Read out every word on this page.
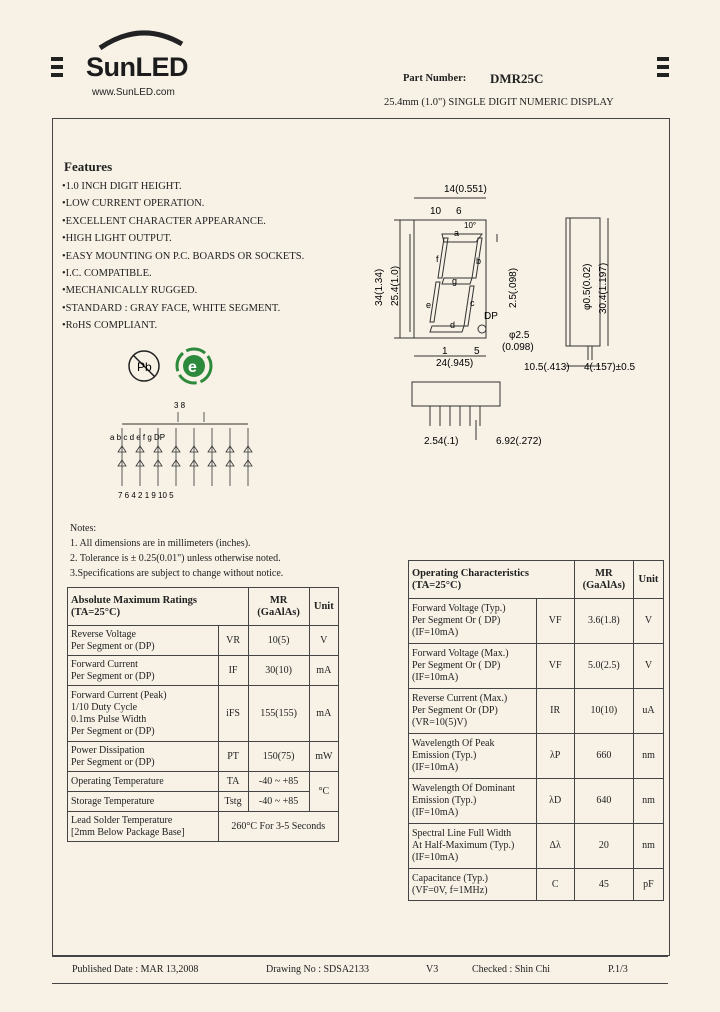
SunLED
www.SunLED.com
Part Number: DMR25C
25.4mm (1.0") SINGLE DIGIT NUMERIC DISPLAY
Features
•1.0 INCH DIGIT HEIGHT.
•LOW CURRENT OPERATION.
•EXCELLENT CHARACTER APPEARANCE.
•HIGH LIGHT OUTPUT.
•EASY MOUNTING ON P.C. BOARDS OR SOCKETS.
•I.C. COMPATIBLE.
•MECHANICALLY RUGGED.
•STANDARD : GRAY FACE, WHITE SEGMENT.
•RoHS COMPLIANT.
Pb e
3 8
a b c d e f g DP
7 6 4 2 1 9 10 5
14(0.551)
10 6
10°
34(1.34) 25.4(1.0)	2.5(.098)
a
b
c
d
e
f
g
DP
φ2.5
(0.098)
1	5
24(.945)
φ0.5(0.02) 30.4(1.197)
10.5(.413) 4(.157)±0.5
2.54(.1)	6.92(.272)
Notes:
1. All dimensions are in millimeters (inches).
2. Tolerance is ± 0.25(0.01") unless otherwise noted.
3.Specifications are subject to change without notice.
Absolute Maximum Ratings
(TA=25°C)		MR
(GaAlAs)	Unit
Reverse Voltage
Per Segment or (DP)	VR	10(5)	V
Forward Current
Per Segment or (DP)	IF	30(10)	mA
Forward Current (Peak)
1/10 Duty Cycle
0.1ms Pulse Width
Per Segment or (DP)	iFS	155(155)	mA
Power Dissipation
Per Segment or (DP)	PT	150(75)	mW
Operating Temperature	TA	-40 ~ +85	°C
Storage Temperature	Tstg	-40 ~ +85	
Lead Solder Temperature
[2mm Below Package Base]	260°C For 3-5 Seconds		
Operating Characteristics
(TA=25°C)		MR
(GaAlAs)	Unit
Forward Voltage (Typ.)
Per Segment Or ( DP)
(IF=10mA)	VF	3.6(1.8)	V
Forward Voltage (Max.)
Per Segment Or ( DP)
(IF=10mA)	VF	5.0(2.5)	V
Reverse Current (Max.)
Per Segment Or (DP)
(VR=10(5)V)	IR	10(10)	uA
Wavelength Of Peak
Emission (Typ.)
(IF=10mA)	λP	660	nm
Wavelength Of Dominant
Emission (Typ.)
(IF=10mA)	λD	640	nm
Spectral Line Full Width
At Half-Maximum (Typ.)
(IF=10mA)	Δλ	20	nm
Capacitance (Typ.)
(VF=0V, f=1MHz)	C	45	pF
Published Date : MAR 13,2008	Drawing No : SDSA2133	V3	Checked : Shin Chi	P.1/3
